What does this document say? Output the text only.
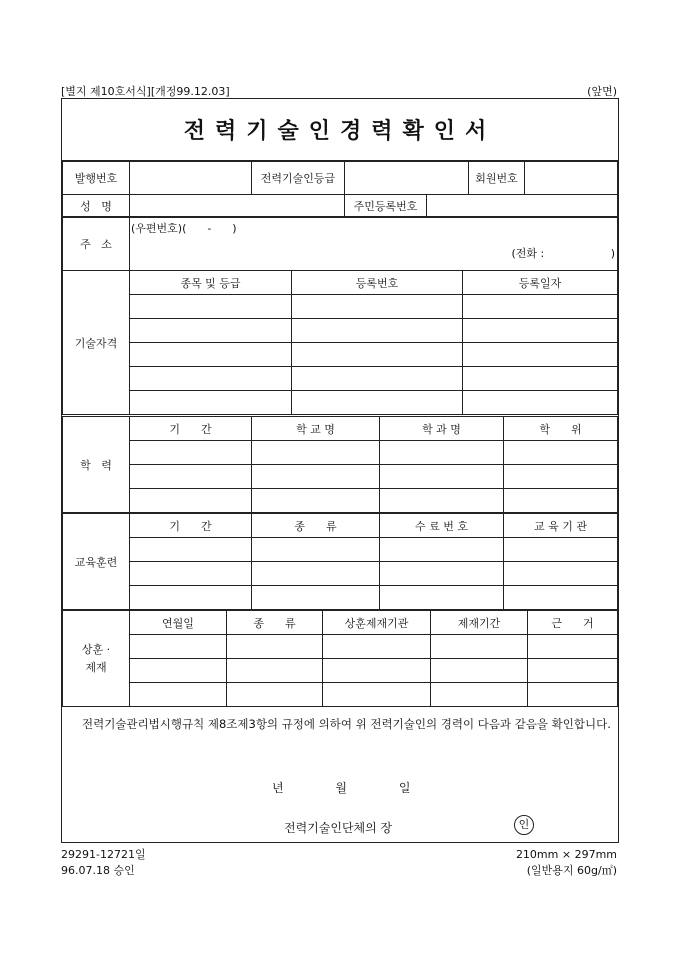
[별지 제10호서식][개정99.12.03]	(앞면)
전력기술인경력확인서
발행번호		전력기술인등급		회원번호	
성   명		주민등록번호	
주   소	
(우편번호)(      -      )
(전화 :                   )
기술자격	종목 및 등급	등록번호	등록일자

학   력	기      간	학 교 명	학 과 명	학      위

교육훈련	기      간	종      류	수 료 번 호	교 육 기 관

상훈 ·
제재	연월일	종      류	상훈제재기관	제재기간	근      거

전력기술관리법시행규칙 제8조제3항의 규정에 의하여 위 전력기술인의 경력이 다음과 같음을 확인합니다.
년	월	일
전력기술인단체의 장	인
29291-12721일
96.07.18 승인
210mm × 297mm
(일반용지 60g/㎡)
